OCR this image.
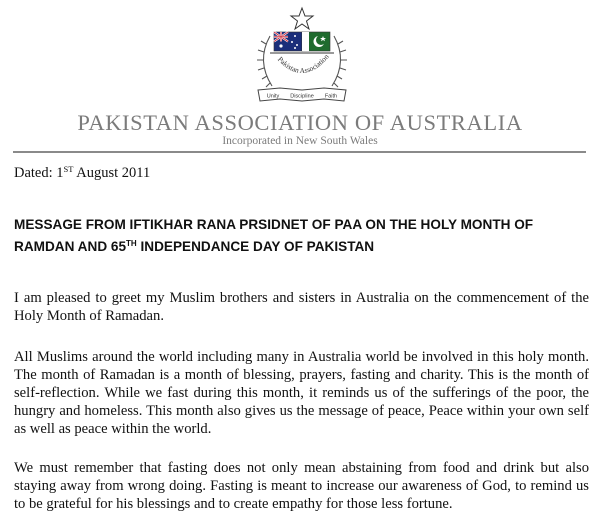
Pakistan Association
Unity Discipline Faith
PAKISTAN ASSOCIATION OF AUSTRALIA
Incorporated in New South Wales
Dated: 1ST August 2011
MESSAGE FROM IFTIKHAR RANA PRSIDNET OF PAA ON THE HOLY MONTH OF RAMDAN AND 65TH INDEPENDANCE DAY OF PAKISTAN

I am pleased to greet my Muslim brothers and sisters in Australia on the commencement of the Holy Month of Ramadan.

All Muslims around the world including many in Australia world be involved in this holy month. The month of Ramadan is a month of blessing, prayers, fasting and charity. This is the month of self-reflection. While we fast during this month, it reminds us of the sufferings of the poor, the hungry and homeless. This month also gives us the message of peace, Peace within your own self as well as peace within the world.

We must remember that fasting does not only mean abstaining from food and drink but also staying away from wrong doing. Fasting is meant to increase our awareness of God, to remind us to be grateful for his blessings and to create empathy for those less fortune.
